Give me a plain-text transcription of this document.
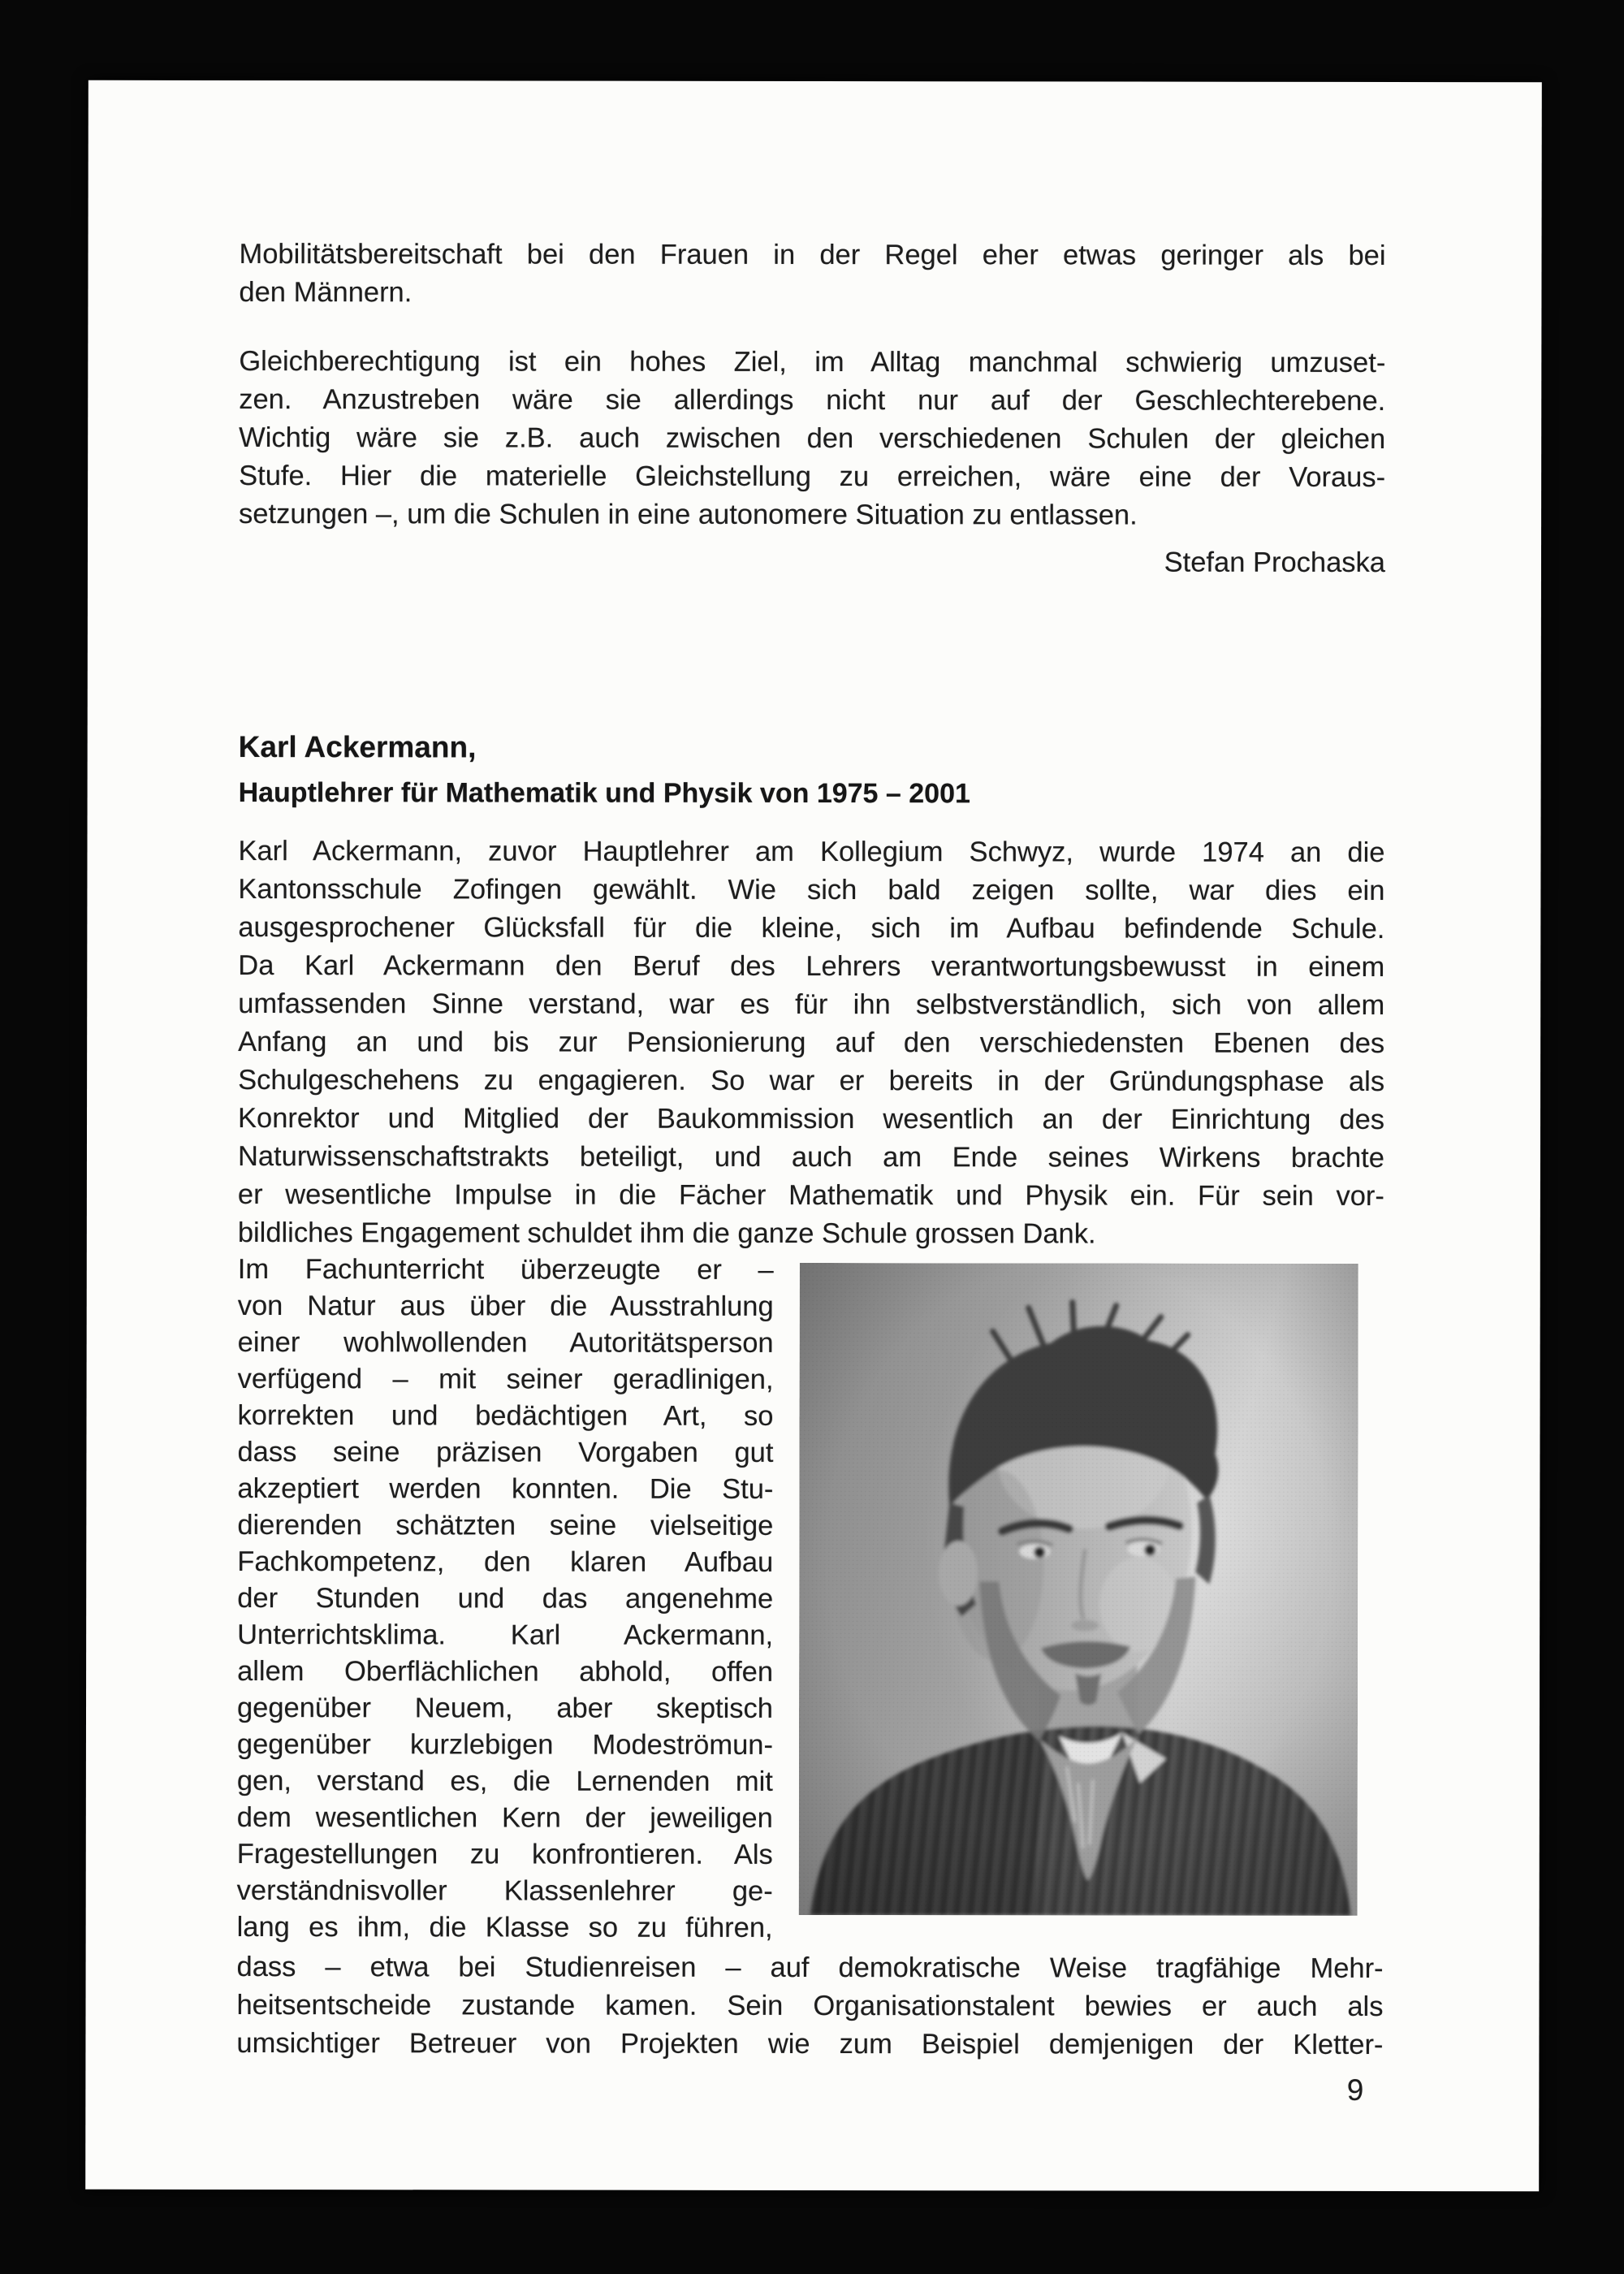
Mobilitätsbereitschaft bei den Frauen in der Regel eher etwas geringer als bei
den Männern.
Gleichberechtigung ist ein hohes Ziel, im Alltag manchmal schwierig umzuset-
zen. Anzustreben wäre sie allerdings nicht nur auf der Geschlechterebene.
Wichtig wäre sie z.B. auch zwischen den verschiedenen Schulen der gleichen
Stufe. Hier die materielle Gleichstellung zu erreichen, wäre eine der Voraus-
setzungen –, um die Schulen in eine autonomere Situation zu entlassen.
Stefan Prochaska
Karl Ackermann,
Hauptlehrer für Mathematik und Physik von 1975 – 2001
Karl Ackermann, zuvor Hauptlehrer am Kollegium Schwyz, wurde 1974 an die
Kantonsschule Zofingen gewählt. Wie sich bald zeigen sollte, war dies ein
ausgesprochener Glücksfall für die kleine, sich im Aufbau befindende Schule.
Da Karl Ackermann den Beruf des Lehrers verantwortungsbewusst in einem
umfassenden Sinne verstand, war es für ihn selbstverständlich, sich von allem
Anfang an und bis zur Pensionierung auf den verschiedensten Ebenen des
Schulgeschehens zu engagieren. So war er bereits in der Gründungsphase als
Konrektor und Mitglied der Baukommission wesentlich an der Einrichtung des
Naturwissenschaftstrakts beteiligt, und auch am Ende seines Wirkens brachte
er wesentliche Impulse in die Fächer Mathematik und Physik ein. Für sein vor-
bildliches Engagement schuldet ihm die ganze Schule grossen Dank.
Im Fachunterricht überzeugte er –
von Natur aus über die Ausstrahlung
einer wohlwollenden Autoritätsperson
verfügend – mit seiner geradlinigen,
korrekten und bedächtigen Art, so
dass seine präzisen Vorgaben gut
akzeptiert werden konnten. Die Stu-
dierenden schätzten seine vielseitige
Fachkompetenz, den klaren Aufbau
der Stunden und das angenehme
Unterrichtsklima. Karl Ackermann,
allem Oberflächlichen abhold, offen
gegenüber Neuem, aber skeptisch
gegenüber kurzlebigen Modeströmun-
gen, verstand es, die Lernenden mit
dem wesentlichen Kern der jeweiligen
Fragestellungen zu konfrontieren. Als
verständnisvoller Klassenlehrer ge-
lang es ihm, die Klasse so zu führen,
dass – etwa bei Studienreisen – auf demokratische Weise tragfähige Mehr-
heitsentscheide zustande kamen. Sein Organisationstalent bewies er auch als
umsichtiger Betreuer von Projekten wie zum Beispiel demjenigen der Kletter-
9
